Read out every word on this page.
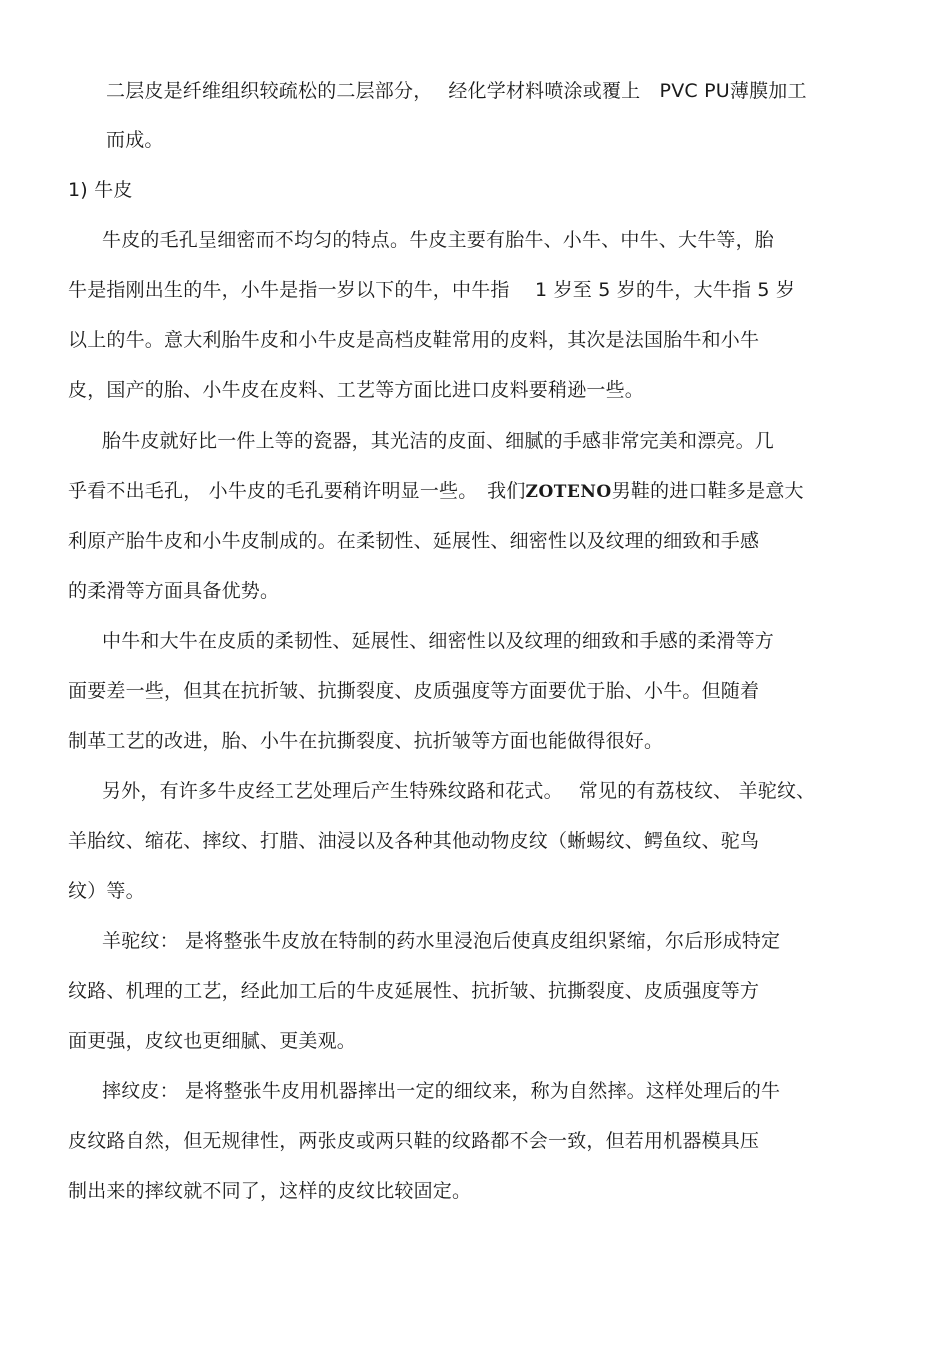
二层皮是纤维组织较疏松的二层部分，　 经化学材料喷涂或覆上　PVC PU薄膜加工
而成。
1) 牛皮
牛皮的毛孔呈细密而不均匀的特点。牛皮主要有胎牛、小牛、中牛、大牛等，胎
牛是指刚出生的牛，小牛是指一岁以下的牛，中牛指　 1 岁至 5 岁的牛，大牛指 5 岁
以上的牛。意大利胎牛皮和小牛皮是高档皮鞋常用的皮料，其次是法国胎牛和小牛
皮，国产的胎、小牛皮在皮料、工艺等方面比进口皮料要稍逊一些。
胎牛皮就好比一件上等的瓷器，其光洁的皮面、细腻的手感非常完美和漂亮。几
乎看不出毛孔， 小牛皮的毛孔要稍许明显一些。　我们ZOTENO男鞋的进口鞋多是意大
利原产胎牛皮和小牛皮制成的。在柔韧性、延展性、细密性以及纹理的细致和手感
的柔滑等方面具备优势。
中牛和大牛在皮质的柔韧性、延展性、细密性以及纹理的细致和手感的柔滑等方
面要差一些，但其在抗折皱、抗撕裂度、皮质强度等方面要优于胎、小牛。但随着
制革工艺的改进，胎、小牛在抗撕裂度、抗折皱等方面也能做得很好。
另外，有许多牛皮经工艺处理后产生特殊纹路和花式。　 常见的有荔枝纹、 羊驼纹、
羊胎纹、缩花、摔纹、打腊、油浸以及各种其他动物皮纹（蜥蜴纹、鳄鱼纹、驼鸟
纹）等。
羊驼纹： 是将整张牛皮放在特制的药水里浸泡后使真皮组织紧缩，尔后形成特定
纹路、机理的工艺，经此加工后的牛皮延展性、抗折皱、抗撕裂度、皮质强度等方
面更强，皮纹也更细腻、更美观。
摔纹皮： 是将整张牛皮用机器摔出一定的细纹来，称为自然摔。这样处理后的牛
皮纹路自然，但无规律性，两张皮或两只鞋的纹路都不会一致，但若用机器模具压
制出来的摔纹就不同了，这样的皮纹比较固定。
